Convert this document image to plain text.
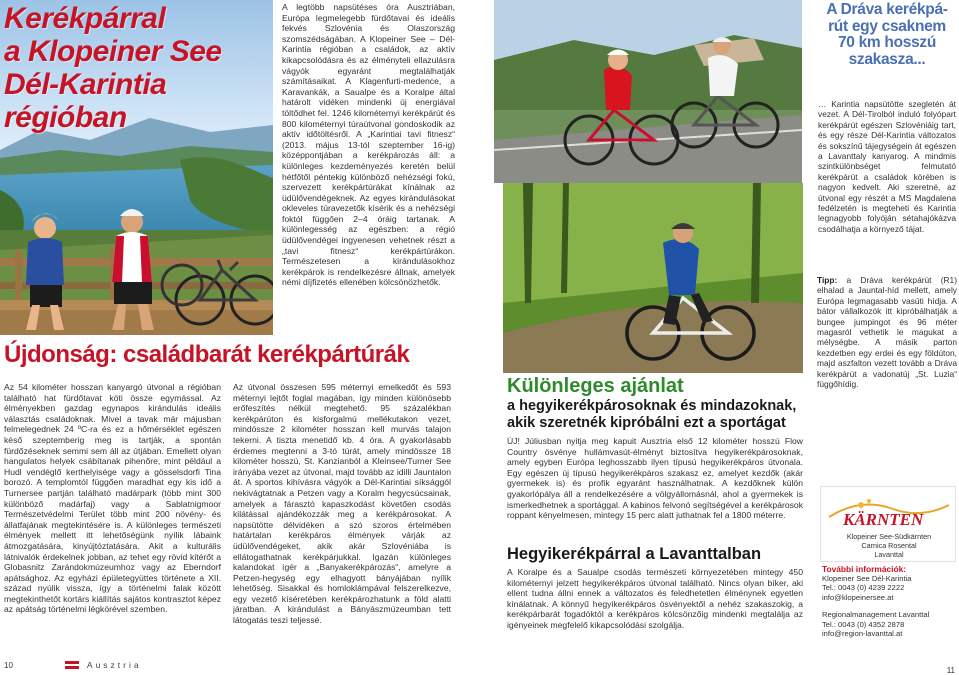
Kerékpárral
a Klopeiner See
Dél-Karintia régióban
A legtöbb napsütéses óra Ausztriában, Európa legmelegebb fürdőtavai és ideális fekvés Szlovénia és Olaszország szomszédságában. A Klopeiner See – Dél-Karintia régióban a családok, az aktív kikapcsolódásra és az élményteli ellazulásra vágyók egyaránt megtalálhatják számításaikat. A Klagenfurti-medence, a Karavankák, a Saualpe és a Koralpe által határolt vidéken mindenki új energiával töltődhet fel. 1246 kilométernyi kerékpárút és 800 kilométernyi túraútvonal gondoskodik az aktív időtöltésről. A „Karintiai tavi fitnesz“ (2013. május 13-tól szeptember 16-ig) középpontjában a kerékpározás áll: a különleges kezdeményezés keretén belül hétfőtől péntekig különböző nehézségi fokú, szervezett kerékpártúrákat kínálnak az üdülővendégeknek. Az egyes kirándulásokat okleveles túravezetők kísérik és a nehézségi foktól függően 2–4 óráig tartanak. A különlegesség az egészben: a régió üdülővendégei ingyenesen vehetnek részt a „tavi fitnesz“ kerékpártúrákon. Természetesen a kirándulásokhoz kerékpárok is rendelkezésre állnak, amelyek némi díjfizetés ellenében kölcsönözhetők.
A Dráva kerékpá-
rút egy csaknem
70 km hosszú
szakasza...
… Karintia napsütötte szegletén át vezet. A Dél-Tirolból induló folyópart kerékpárút egészen Szlovéniáig tart, és egy része Dél-Karintia változatos és sokszínű tájegységein át egészen a Lavanttaly kanyarog. A mindmis szintkülönbséget felmutató kerékpárút a családok körében is nagyon kedvelt. Aki szeretné, az útvonal egy részét a MS Magdalena fedélzetén is megteheti és Karintia legnagyobb folyóján sétahajókázva csodálhatja a környező tájat.
Tipp: a Dráva kerékpárút (R1) elhalad a Jauntal-híd mellett, amely Európa legmagasabb vasúti hídja. A bátor vállalkozók itt kipróbálhatják a bungee jumpingot és 96 méter magasról vethetik le magukat a mélységbe. A másik parton kezdetben egy erdei és egy földúton, majd aszfalton vezett tovább a Dráva kerékpárút a vadonatúj „St. Luzia“ függőhídig.
Újdonság: családbarát kerékpártúrák
Az 54 kilométer hosszan kanyargó útvonal a régióban található hat fürdőtavat köti össze egymással. Az élményekben gazdag egynapos kirándulás ideális választás családoknak. Mivel a tavak már májusban felmelegednek 24 ºC-ra és ez a hőmérséklet egészen késő szeptemberig meg is tartják, a spontán fürdőzéseknek semmi sem áll az útjában. Emellett olyan hangulatos helyek csábítanak pihenőre, mint például a Hudl vendéglő kerthelyisége vagy a gösselsdorfi Tina borozó. A templomtól függően maradhat egy kis idő a Turnersee partján található madárpark (több mint 300 különböző madárfaj) vagy a Sablatnigmoor Természetvédelmi Terület több mint 200 növény- és állatfajának megtekintésére is. A különleges természeti élmények mellett itt lehetőségünk nyílik lábaink átmozgatására, kinyújtóztatására. Akit a kulturális látnivalók érdekelnek jobban, az tehet egy rövid kitérőt a Globasnitz Zarándokmúzeumhoz vagy az Eberndorf apátsághoz. Az egyházi épületegyüttes története a XII. század nyúlik vissza, így a történelmi falak között megtekinthetőt kortárs kiállítás sajátos kontrasztot képez az apátság történelmi légkörével szemben.
Az útvonal összesen 595 méternyi emelkedőt és 593 méternyi lejtőt foglal magában, így minden különösebb erőfeszítés nélkül megtehető. 95 százalékban kerékpárúton és kisforgalmú mellékutakon vezet, mindössze 2 kilométer hosszan kell murvás talajon tekerni. A tiszta menetidő kb. 4 óra. A gyakorlásabb érdemes megtenni a 3-tó túrát, amely mindössze 18 kilométer hosszú, St. Kanzianból a Kleinsee/Turner See irányába vezet az útvonal, majd tovább az idilli Jauntalon át. A sportos kihívásra vágyók a Dél-Karintiai síksággól nekivágtatnak a Petzen vagy a Koralm hegycsúcsainak, amelyek a fárasztó kapaszkodást követően csodás kilátással ajándékozzák meg a kerékpárosokat. A napsütötte délvidéken a szó szoros értelmében határtalan kerékpáros élmények várják az üdülővendégeket, akik akár Szlovéniába is ellátogathatnak kerékpárjukkal. Igazán különleges kalandokat ígér a „Banyakerékpározás“, amelyre a Petzen-hegység egy elhagyott bányájában nyílik lehetőség. Sisakkal és homloklámpával felszerelkezve, egy vezető kíséretében kerékpározhatunk a föld alatti járatban. A kirándulást a Bányászmúzeumban tett látogatás teszi teljessé.
Különleges ajánlat
a hegyikerékpárosoknak és mindazoknak,
akik szeretnék kipróbálni ezt a sportágat
ÚJ! Júliusban nyitja meg kapuit Ausztria első 12 kilométer hosszú Flow Country ösvénye hullámvasút-élményt biztosítva hegyikerékpárosoknak, amely egyben Európa leghosszabb ilyen típusú hegyikerékpáros útvonala. Egy egészen új típusú hegyikerékpáros szakasz ez, amelyet kezdők (akár gyermekek is) és profik egyaránt használhatnak. A kezdőknek külön gyakorlópálya áll a rendelkezésére a völgyállomásnál, ahol a gyermekek is ismerkedhetnek a sportággal. A kabinos felvonó segítségével a kerékpárosok roppant kényelmesen, mintegy 15 perc alatt juthatnak fel a 1800 méterre.
Hegyikerékpárral a Lavanttalban
A Koralpe és a Saualpe csodás természeti környezetében mintegy 450 kilométernyi jelzett hegyikerékpáros útvonal található. Nincs olyan bíker, aki ellent tudna állni ennek a változatos és feledhetetlen élménynek egyetlen kínálatnak. A könnyű hegyikerékpáros ösvényektől a nehéz szakaszokig, a kerékpárbarát fogadóktól a kerékpáros kölcsönzőig mindenki megtalálja az igényeinek megfelelő kikapcsolódási szolgálja.
KÄRNTEN
Klopeiner See-Südkärnten
Carnica Rosental
Lavanttal
További információk:
Klopeiner See Dél-Karintia
Tel.: 0043 (0) 4239 2222
info@klopeinersee.at
Regionalmanagement Lavanttal
Tel.: 0043 (0) 4352 2878
info@region-lavanttal.at
10	Ausztria
11
